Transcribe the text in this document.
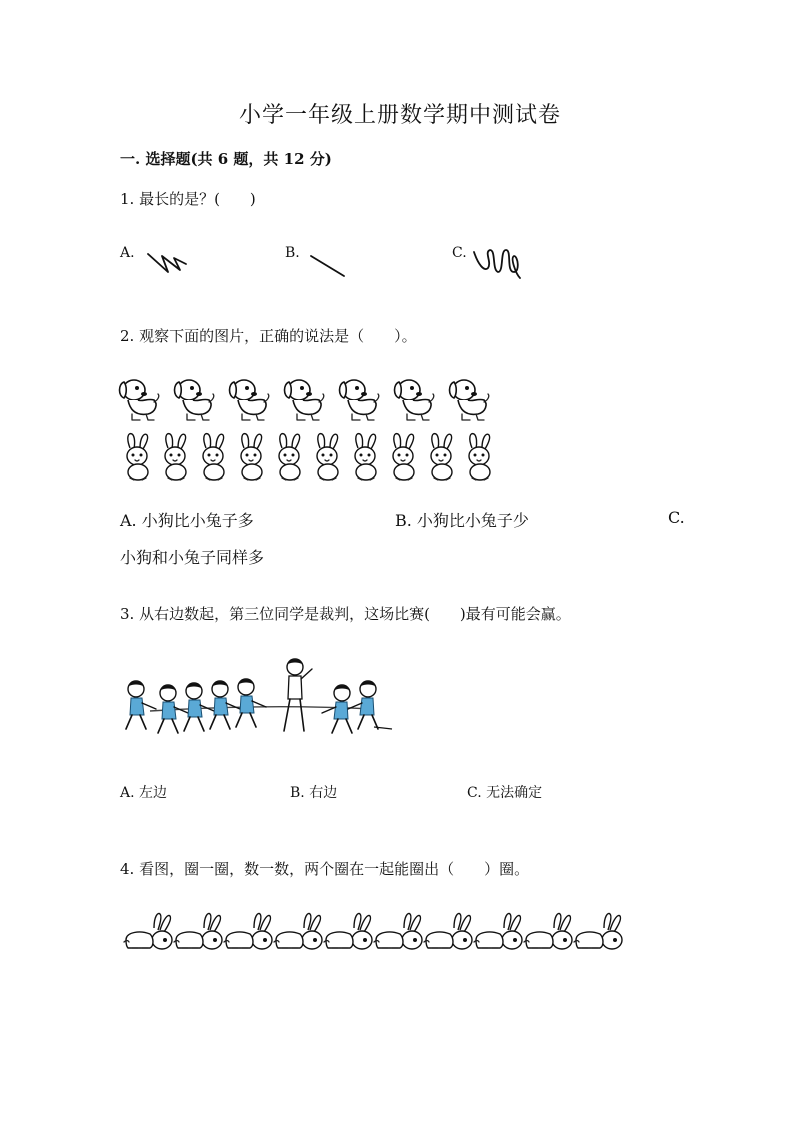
小学一年级上册数学期中测试卷
一. 选择题(共 6 题，共 12 分)
1. 最长的是？(　　)
A.	B.	C.
2. 观察下面的图片，正确的说法是（　　）。
A. 小狗比小兔子多	B. 小狗比小兔子少	C.
小狗和小兔子同样多
3. 从右边数起，第三位同学是裁判，这场比赛(　　)最有可能会赢。
A. 左边	B. 右边	C. 无法确定
4. 看图，圈一圈，数一数，两个圈在一起能圈出（　　）圈。
